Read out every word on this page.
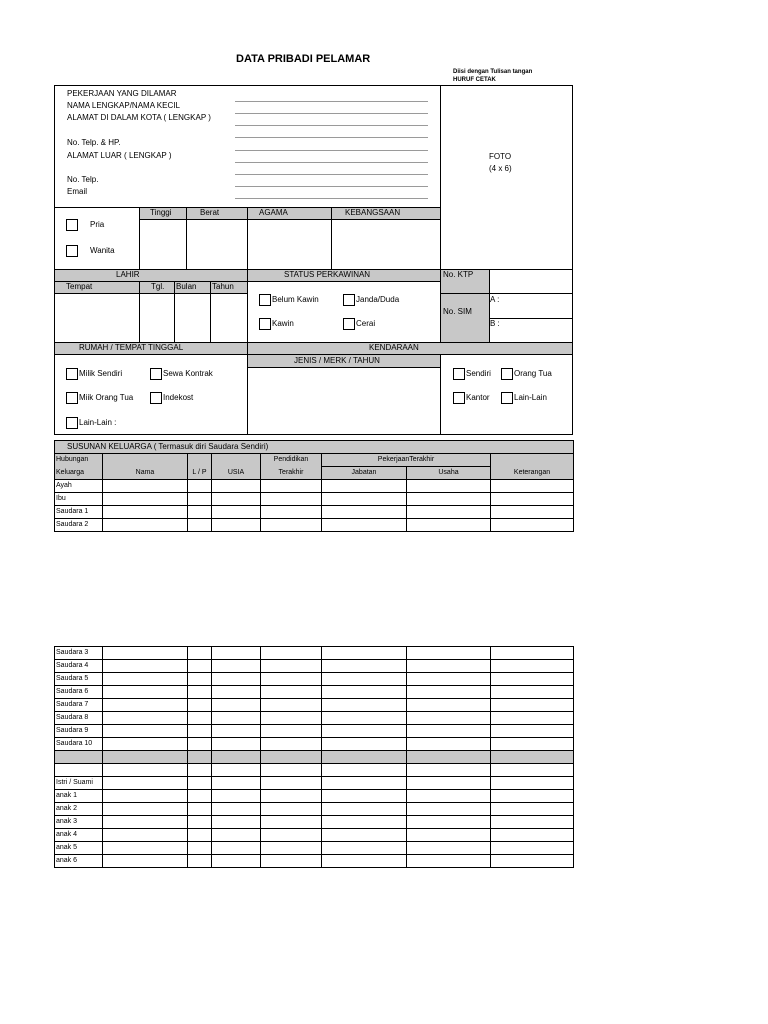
DATA PRIBADI PELAMAR
Diisi dengan Tulisan tangan
HURUF CETAK
PEKERJAAN YANG DILAMAR
NAMA LENGKAP/NAMA KECIL
ALAMAT DI DALAM KOTA ( LENGKAP )
No. Telp. & HP.
ALAMAT LUAR ( LENGKAP )
No. Telp.
Email
FOTO
(4 x 6)
Tinggi	Berat	AGAMA	KEBANGSAAN
Pria
Wanita
LAHIR	STATUS PERKAWINAN	No. KTP
No. SIM
A :
B :
Tempat	Tgl. Bulan Tahun
Belum Kawin	Janda/Duda
Kawin	Cerai
RUMAH / TEMPAT TINGGAL	KENDARAAN
JENIS / MERK / TAHUN
Milik Sendiri	Sewa Kontrak
Miik Orang Tua	Indekost
Lain-Lain :
Sendiri	Orang Tua
Kantor	Lain-Lain
SUSUNAN KELUARGA ( Termasuk diri Saudara Sendiri)							
Hubungan				Pendidikan	PekerjaanTerakhir		
Keluarga	Nama	L / P	USIA	Terakhir	Jabatan	Usaha	Keterangan
Ayah							
Ibu							
Saudara 1							
Saudara 2							
Saudara 3							
Saudara 4							
Saudara 5							
Saudara 6							
Saudara 7							
Saudara 8							
Saudara 9							
Saudara 10							

Istri / Suami							
anak 1							
anak 2							
anak 3							
anak 4							
anak 5							
anak 6							
